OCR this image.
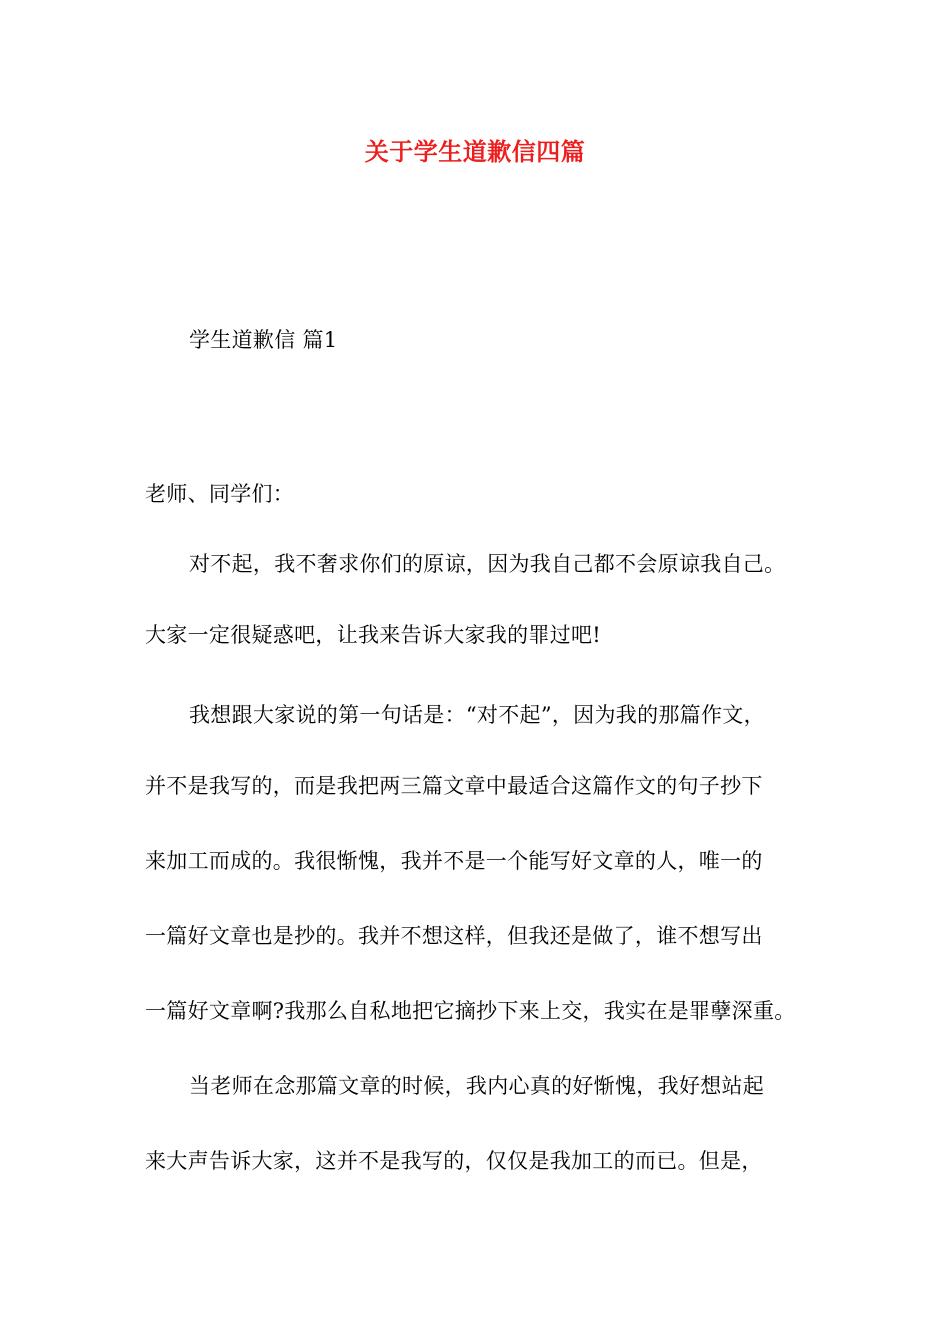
关于学生道歉信四篇
学生道歉信 篇1
老师、同学们：
对不起，我不奢求你们的原谅，因为我自己都不会原谅我自己。
大家一定很疑惑吧，让我来告诉大家我的罪过吧!
我想跟大家说的第一句话是：“对不起”，因为我的那篇作文，
并不是我写的，而是我把两三篇文章中最适合这篇作文的句子抄下
来加工而成的。我很惭愧，我并不是一个能写好文章的人，唯一的
一篇好文章也是抄的。我并不想这样，但我还是做了，谁不想写出
一篇好文章啊?我那么自私地把它摘抄下来上交，我实在是罪孽深重。
当老师在念那篇文章的时候，我内心真的好惭愧，我好想站起
来大声告诉大家，这并不是我写的，仅仅是我加工的而已。但是，
